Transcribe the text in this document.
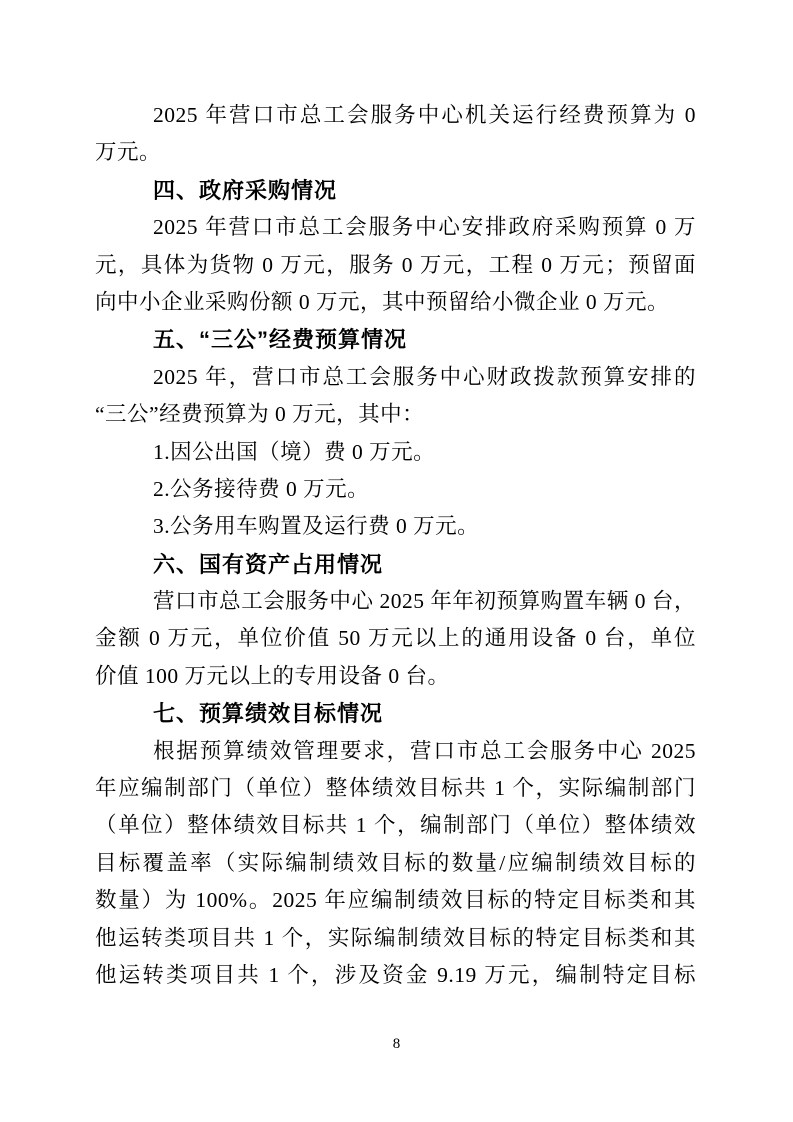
2025 年营口市总工会服务中心机关运行经费预算为 0
万元。
四、政府采购情况
2025 年营口市总工会服务中心安排政府采购预算 0 万
元，具体为货物 0 万元，服务 0 万元，工程 0 万元；预留面
向中小企业采购份额 0 万元，其中预留给小微企业 0 万元。
五、“三公”经费预算情况
2025 年，营口市总工会服务中心财政拨款预算安排的
“三公”经费预算为 0 万元，其中：
1.因公出国（境）费 0 万元。
2.公务接待费 0 万元。
3.公务用车购置及运行费 0 万元。
六、国有资产占用情况
营口市总工会服务中心 2025 年年初预算购置车辆 0 台，
金额 0 万元，单位价值 50 万元以上的通用设备 0 台，单位
价值 100 万元以上的专用设备 0 台。
七、预算绩效目标情况
根据预算绩效管理要求，营口市总工会服务中心 2025
年应编制部门（单位）整体绩效目标共 1 个，实际编制部门
（单位）整体绩效目标共 1 个，编制部门（单位）整体绩效
目标覆盖率（实际编制绩效目标的数量/应编制绩效目标的
数量）为 100%。2025 年应编制绩效目标的特定目标类和其
他运转类项目共 1 个，实际编制绩效目标的特定目标类和其
他运转类项目共 1 个，涉及资金 9.19 万元，编制特定目标
8
